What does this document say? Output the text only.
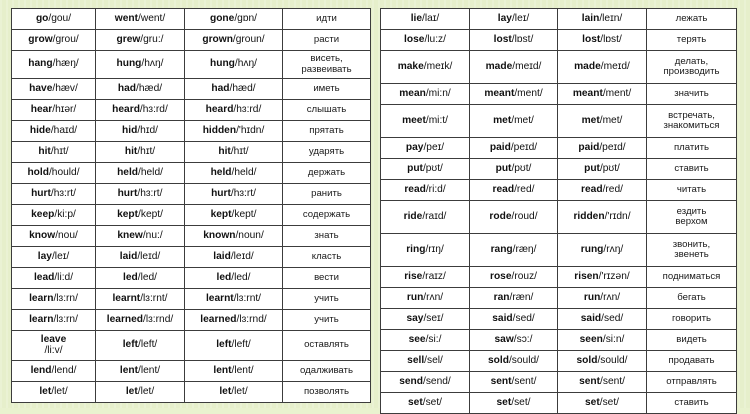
go/gou/	went/went/	gone/gɒn/	идти
grow/grou/	grew/gru:/	grown/groun/	расти
hang/hæŋ/	hung/hʌŋ/	hung/hʌŋ/	висеть,
развеивать
have/hæv/	had/hæd/	had/hæd/	иметь
hear/hɪər/	heard/hɜ:rd/	heard/hɜ:rd/	слышать
hide/haɪd/	hid/hɪd/	hidden/'hɪdn/	прятать
hit/hɪt/	hit/hɪt/	hit/hɪt/	ударять
hold/hould/	held/held/	held/held/	держать
hurt/hɜ:rt/	hurt/hɜ:rt/	hurt/hɜ:rt/	ранить
keep/ki:p/	kept/kept/	kept/kept/	содержать
know/nou/	knew/nu:/	known/noun/	знать
lay/leɪ/	laid/leɪd/	laid/leɪd/	класть
lead/li:d/	led/led/	led/led/	вести
learn/lɜ:rn/	learnt/lɜ:rnt/	learnt/lɜ:rnt/	учить
learn/lɜ:rn/	learned/lɜ:rnd/	learned/lɜ:rnd/	учить
leave
/li:v/	left/left/	left/left/	оставлять
lend/lend/	lent/lent/	lent/lent/	одалживать
let/let/	let/let/	let/let/	позволять
lie/laɪ/	lay/leɪ/	lain/leɪn/	лежать
lose/lu:z/	lost/lɒst/	lost/lɒst/	терять
make/meɪk/	made/meɪd/	made/meɪd/	делать,
производить
mean/mi:n/	meant/ment/	meant/ment/	значить
meet/mi:t/	met/met/	met/met/	встречать,
знакомиться
pay/peɪ/	paid/peɪd/	paid/peɪd/	платить
put/pʊt/	put/pʊt/	put/pʊt/	ставить
read/ri:d/	read/red/	read/red/	читать
ride/raɪd/	rode/roud/	ridden/'rɪdn/	ездить
верхом
ring/rɪŋ/	rang/ræŋ/	rung/rʌŋ/	звонить,
звенеть
rise/raɪz/	rose/rouz/	risen/'rɪzən/	подниматься
run/rʌn/	ran/ræn/	run/rʌn/	бегать
say/seɪ/	said/sed/	said/sed/	говорить
see/si:/	saw/sɔ:/	seen/si:n/	видеть
sell/sel/	sold/sould/	sold/sould/	продавать
send/send/	sent/sent/	sent/sent/	отправлять
set/set/	set/set/	set/set/	ставить
